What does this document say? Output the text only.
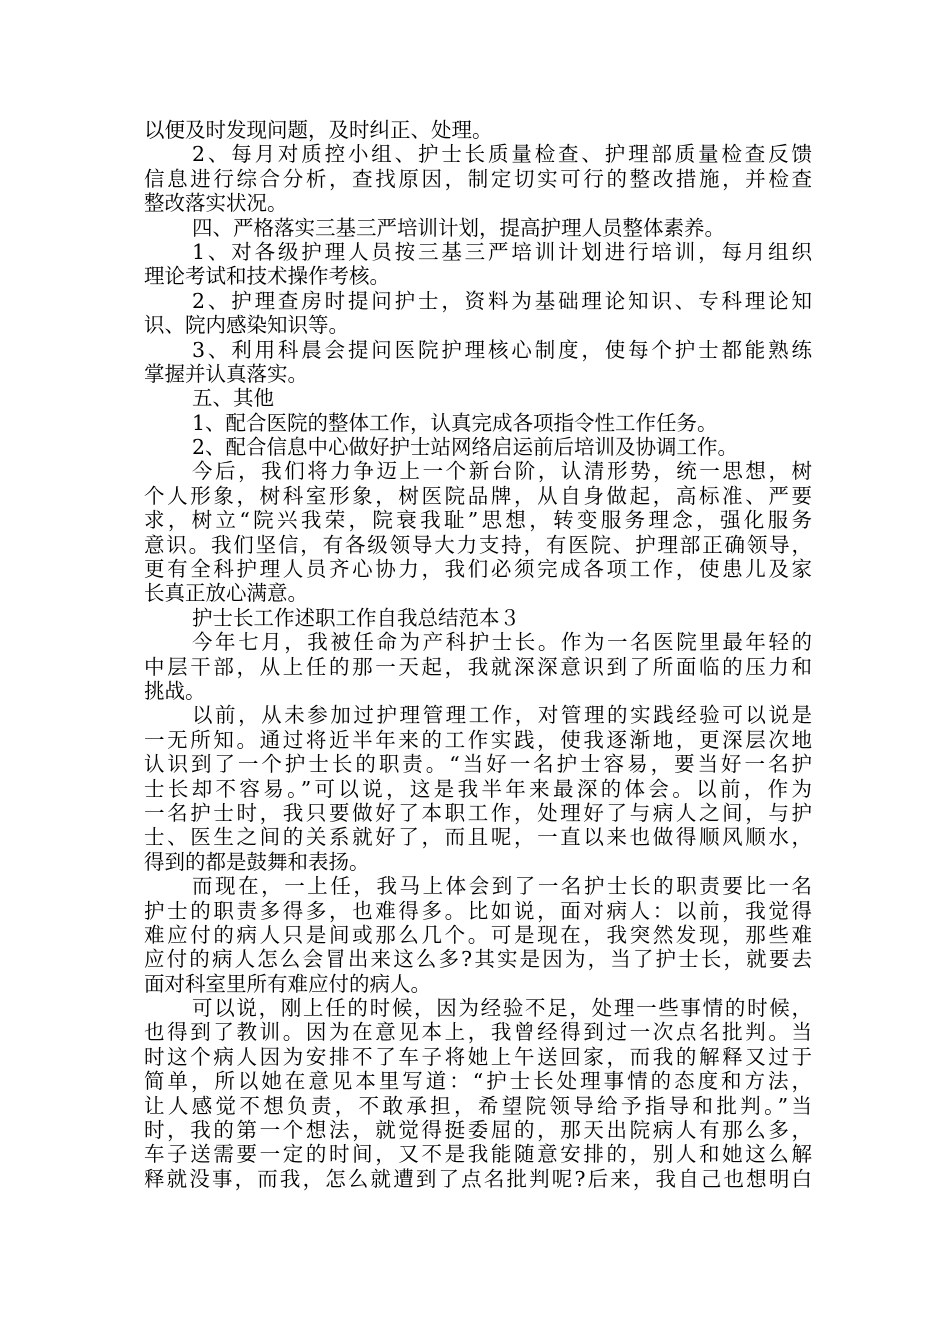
以便及时发现问题，及时纠正、处理。
2、每月对质控小组、护士长质量检查、护理部质量检查反馈
信息进行综合分析，查找原因，制定切实可行的整改措施，并检查
整改落实状况。
四、严格落实三基三严培训计划，提高护理人员整体素养。
1、对各级护理人员按三基三严培训计划进行培训，每月组织
理论考试和技术操作考核。
2、护理查房时提问护士，资料为基础理论知识、专科理论知
识、院内感染知识等。
3、利用科晨会提问医院护理核心制度，使每个护士都能熟练
掌握并认真落实。
五、其他
1、配合医院的整体工作，认真完成各项指令性工作任务。
2、配合信息中心做好护士站网络启运前后培训及协调工作。
今后，我们将力争迈上一个新台阶，认清形势，统一思想，树
个人形象，树科室形象，树医院品牌，从自身做起，高标准、严要
求，树立“院兴我荣，院衰我耻”思想，转变服务理念，强化服务
意识。我们坚信，有各级领导大力支持，有医院、护理部正确领导，
更有全科护理人员齐心协力，我们必须完成各项工作，使患儿及家
长真正放心满意。
护士长工作述职工作自我总结范本３
今年七月，我被任命为产科护士长。作为一名医院里最年轻的
中层干部，从上任的那一天起，我就深深意识到了所面临的压力和
挑战。
以前，从未参加过护理管理工作，对管理的实践经验可以说是
一无所知。通过将近半年来的工作实践，使我逐渐地，更深层次地
认识到了一个护士长的职责。“当好一名护士容易，要当好一名护
士长却不容易。”可以说，这是我半年来最深的体会。以前，作为
一名护士时，我只要做好了本职工作，处理好了与病人之间，与护
士、医生之间的关系就好了，而且呢，一直以来也做得顺风顺水，
得到的都是鼓舞和表扬。
而现在，一上任，我马上体会到了一名护士长的职责要比一名
护士的职责多得多，也难得多。比如说，面对病人：以前，我觉得
难应付的病人只是间或那么几个。可是现在，我突然发现，那些难
应付的病人怎么会冒出来这么多?其实是因为，当了护士长，就要去
面对科室里所有难应付的病人。
可以说，刚上任的时候，因为经验不足，处理一些事情的时候，
也得到了教训。因为在意见本上，我曾经得到过一次点名批判。当
时这个病人因为安排不了车子将她上午送回家，而我的解释又过于
简单，所以她在意见本里写道：“护士长处理事情的态度和方法，
让人感觉不想负责，不敢承担，希望院领导给予指导和批判。”当
时，我的第一个想法，就觉得挺委屈的，那天出院病人有那么多，
车子送需要一定的时间，又不是我能随意安排的，别人和她这么解
释就没事，而我，怎么就遭到了点名批判呢?后来，我自己也想明白
